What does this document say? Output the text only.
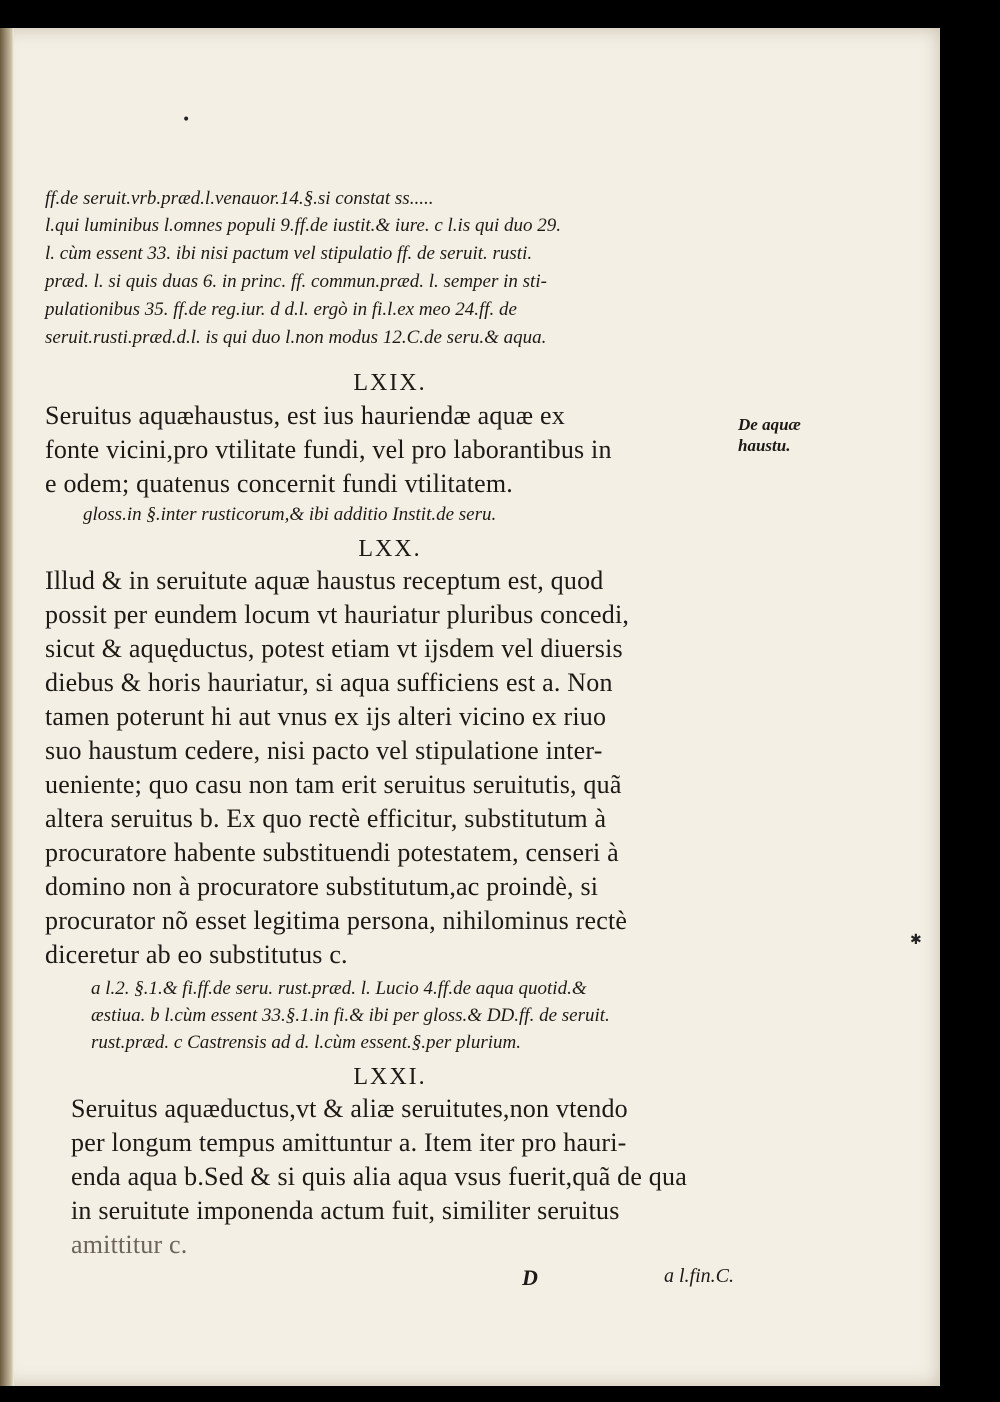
ff.de seruit.vrb.præd.l.venauor.14.§.si constat ss.....
l.qui luminibus l.omnes populi 9.ff.de iustit.& iure. c l.is qui duo 29.
l. cùm essent 33. ibi nisi pactum vel stipulatio ff. de seruit. rusti.
præd. l. si quis duas 6. in princ. ff. commun.præd. l. semper in sti-
pulationibus 35. ff.de reg.iur. d d.l. ergò in fi.l.ex meo 24.ff. de
seruit.rusti.præd.d.l. is qui duo l.non modus 12.C.de seru.& aqua.
LXIX.
Seruitus aquæhaustus, est ius hauriendæ aquæ ex
fonte vicini,pro vtilitate fundi, vel pro laborantibus in
e odem; quatenus concernit fundi vtilitatem.
gloss.in §.inter rusticorum,& ibi additio Instit.de seru.
LXX.
Illud & in seruitute aquæ haustus receptum est, quod
possit per eundem locum vt hauriatur pluribus concedi,
sicut & aquęductus, potest etiam vt ijsdem vel diuersis
diebus & horis hauriatur, si aqua sufficiens est a. Non
tamen poterunt hi aut vnus ex ijs alteri vicino ex riuo
suo haustum cedere, nisi pacto vel stipulatione inter-
ueniente; quo casu non tam erit seruitus seruitutis, quã
altera seruitus b. Ex quo rectè efficitur, substitutum à
procuratore habente substituendi potestatem, censeri à
domino non à procuratore substitutum,ac proindè, si
procurator nõ esset legitima persona, nihilominus rectè
diceretur ab eo substitutus c.
a l.2. §.1.& fi.ff.de seru. rust.præd. l. Lucio 4.ff.de aqua quotid.&
æstiua. b l.cùm essent 33.§.1.in fi.& ibi per gloss.& DD.ff. de seruit.
rust.præd. c Castrensis ad d. l.cùm essent.§.per plurium.
LXXI.
Seruitus aquæductus,vt & aliæ seruitutes,non vtendo
per longum tempus amittuntur a. Item iter pro hauri-
enda aqua b.Sed & si quis alia aqua vsus fuerit,quã de qua
in seruitute imponenda actum fuit, similiter seruitus
amittitur c.
De aquæ
haustu.
D	a l.fin.C.
•
✱
